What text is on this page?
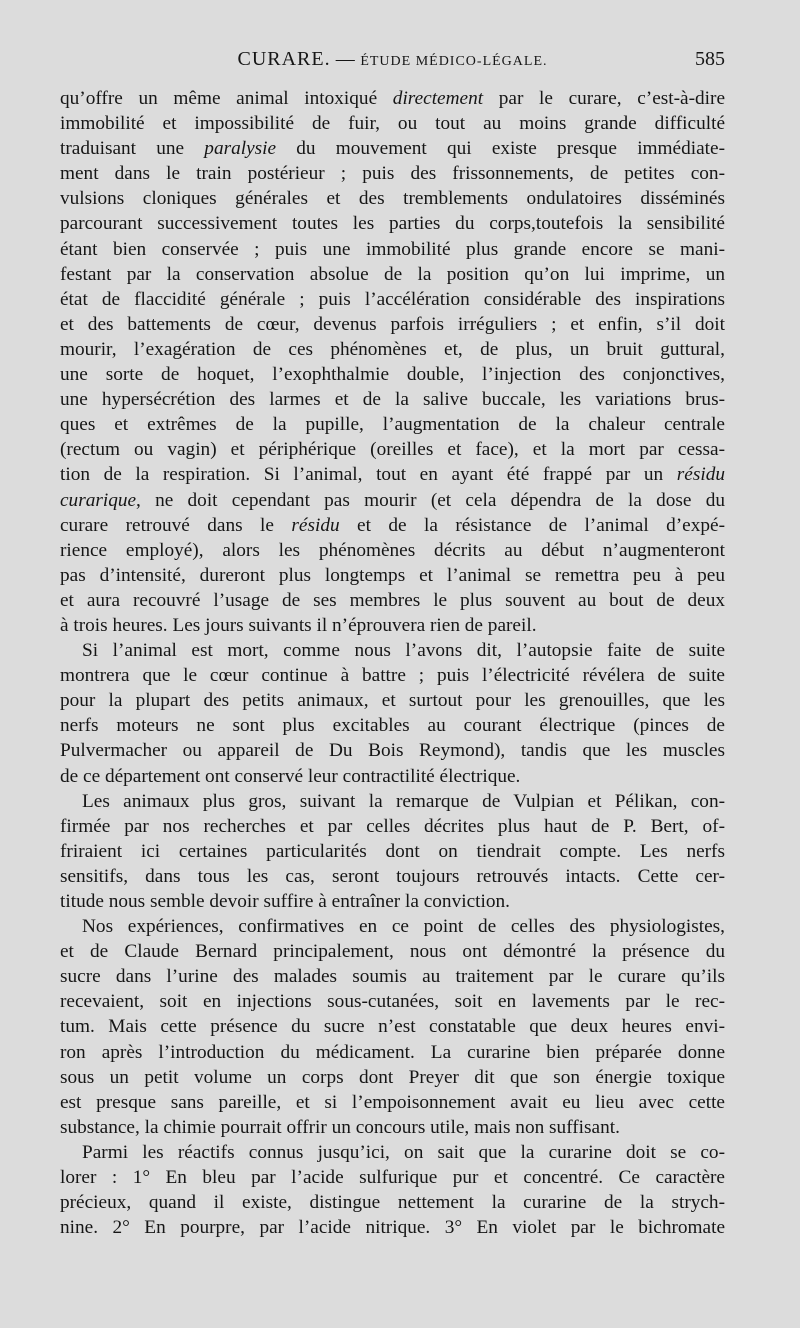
CURARE. — ÉTUDE MÉDICO-LÉGALE.	585

qu’offre un même animal intoxiqué directement par le curare, c’est-à-dire
immobilité et impossibilité de fuir, ou tout au moins grande difficulté
traduisant une paralysie du mouvement qui existe presque immédiate-
ment dans le train postérieur ; puis des frissonnements, de petites con-
vulsions cloniques générales et des tremblements ondulatoires disséminés
parcourant successivement toutes les parties du corps,toutefois la sensibilité
étant bien conservée ; puis une immobilité plus grande encore se mani-
festant par la conservation absolue de la position qu’on lui imprime, un
état de flaccidité générale ; puis l’accélération considérable des inspirations
et des battements de cœur, devenus parfois irréguliers ; et enfin, s’il doit
mourir, l’exagération de ces phénomènes et, de plus, un bruit guttural,
une sorte de hoquet, l’exophthalmie double, l’injection des conjonctives,
une hypersécrétion des larmes et de la salive buccale, les variations brus-
ques et extrêmes de la pupille, l’augmentation de la chaleur centrale
(rectum ou vagin) et périphérique (oreilles et face), et la mort par cessa-
tion de la respiration. Si l’animal, tout en ayant été frappé par un résidu
curarique, ne doit cependant pas mourir (et cela dépendra de la dose du
curare retrouvé dans le résidu et de la résistance de l’animal d’expé-
rience employé), alors les phénomènes décrits au début n’augmenteront
pas d’intensité, dureront plus longtemps et l’animal se remettra peu à peu
et aura recouvré l’usage de ses membres le plus souvent au bout de deux
à trois heures. Les jours suivants il n’éprouvera rien de pareil.

Si l’animal est mort, comme nous l’avons dit, l’autopsie faite de suite
montrera que le cœur continue à battre ; puis l’électricité révélera de suite
pour la plupart des petits animaux, et surtout pour les grenouilles, que les
nerfs moteurs ne sont plus excitables au courant électrique (pinces de
Pulvermacher ou appareil de Du Bois Reymond), tandis que les muscles
de ce département ont conservé leur contractilité électrique.

Les animaux plus gros, suivant la remarque de Vulpian et Pélikan, con-
firmée par nos recherches et par celles décrites plus haut de P. Bert, of-
friraient ici certaines particularités dont on tiendrait compte. Les nerfs
sensitifs, dans tous les cas, seront toujours retrouvés intacts. Cette cer-
titude nous semble devoir suffire à entraîner la conviction.

Nos expériences, confirmatives en ce point de celles des physiologistes,
et de Claude Bernard principalement, nous ont démontré la présence du
sucre dans l’urine des malades soumis au traitement par le curare qu’ils
recevaient, soit en injections sous-cutanées, soit en lavements par le rec-
tum. Mais cette présence du sucre n’est constatable que deux heures envi-
ron après l’introduction du médicament. La curarine bien préparée donne
sous un petit volume un corps dont Preyer dit que son énergie toxique
est presque sans pareille, et si l’empoisonnement avait eu lieu avec cette
substance, la chimie pourrait offrir un concours utile, mais non suffisant.

Parmi les réactifs connus jusqu’ici, on sait que la curarine doit se co-
lorer : 1° En bleu par l’acide sulfurique pur et concentré. Ce caractère
précieux, quand il existe, distingue nettement la curarine de la strych-
nine. 2° En pourpre, par l’acide nitrique. 3° En violet par le bichromate
